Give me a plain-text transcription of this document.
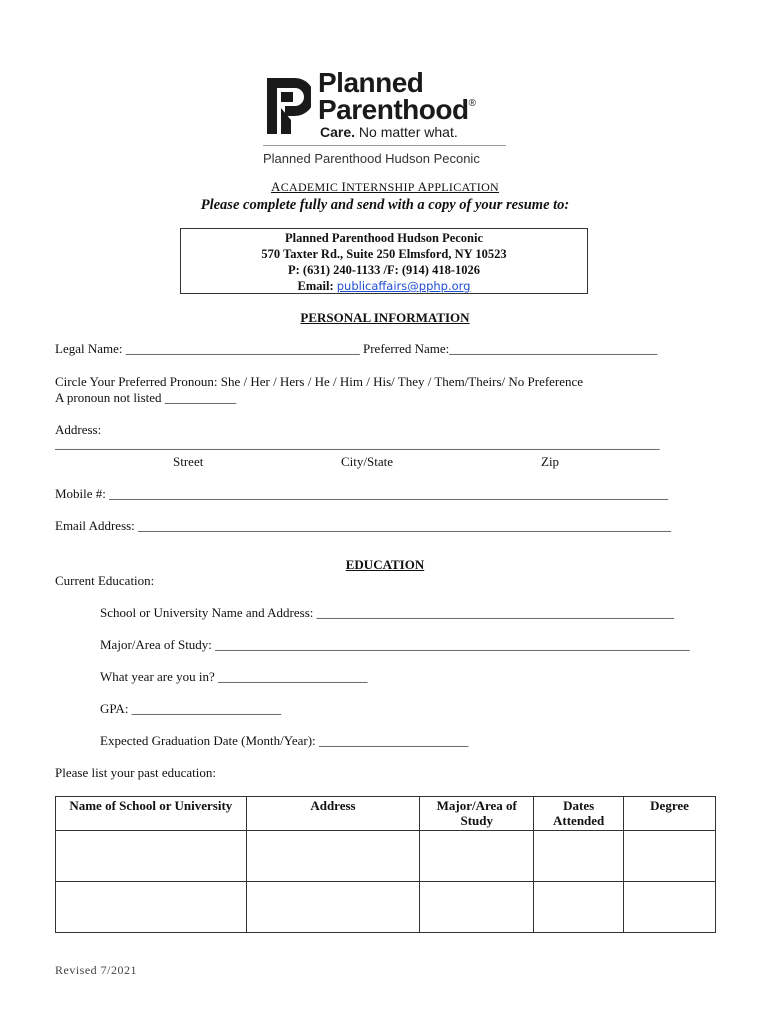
Planned
Parenthood®
Care. No matter what.
Planned Parenthood Hudson Peconic
ACADEMIC INTERNSHIP APPLICATION
Please complete fully and send with a copy of your resume to:
Planned Parenthood Hudson Peconic
570 Taxter Rd., Suite 250 Elmsford, NY 10523
P: (631) 240-1133 /F: (914) 418-1026
Email: publicaffairs@pphp.org
PERSONAL INFORMATION
Legal Name: ____________________________________ Preferred Name:________________________________
Circle Your Preferred Pronoun: She / Her / Hers / He / Him / His/ They / Them/Theirs/ No Preference
A pronoun not listed ___________
Address:
_____________________________________________________________________________________________
Street	City/State	Zip
Mobile #: ______________________________________________________________________________________
Email Address: __________________________________________________________________________________
EDUCATION
Current Education:
School or University Name and Address: _______________________________________________________
Major/Area of Study: _________________________________________________________________________
What year are you in? _______________________
GPA: _______________________
Expected Graduation Date (Month/Year): _______________________
Please list your past education:
Name of School or University	Address	Major/Area of Study	Dates Attended	Degree

Revised 7/2021
